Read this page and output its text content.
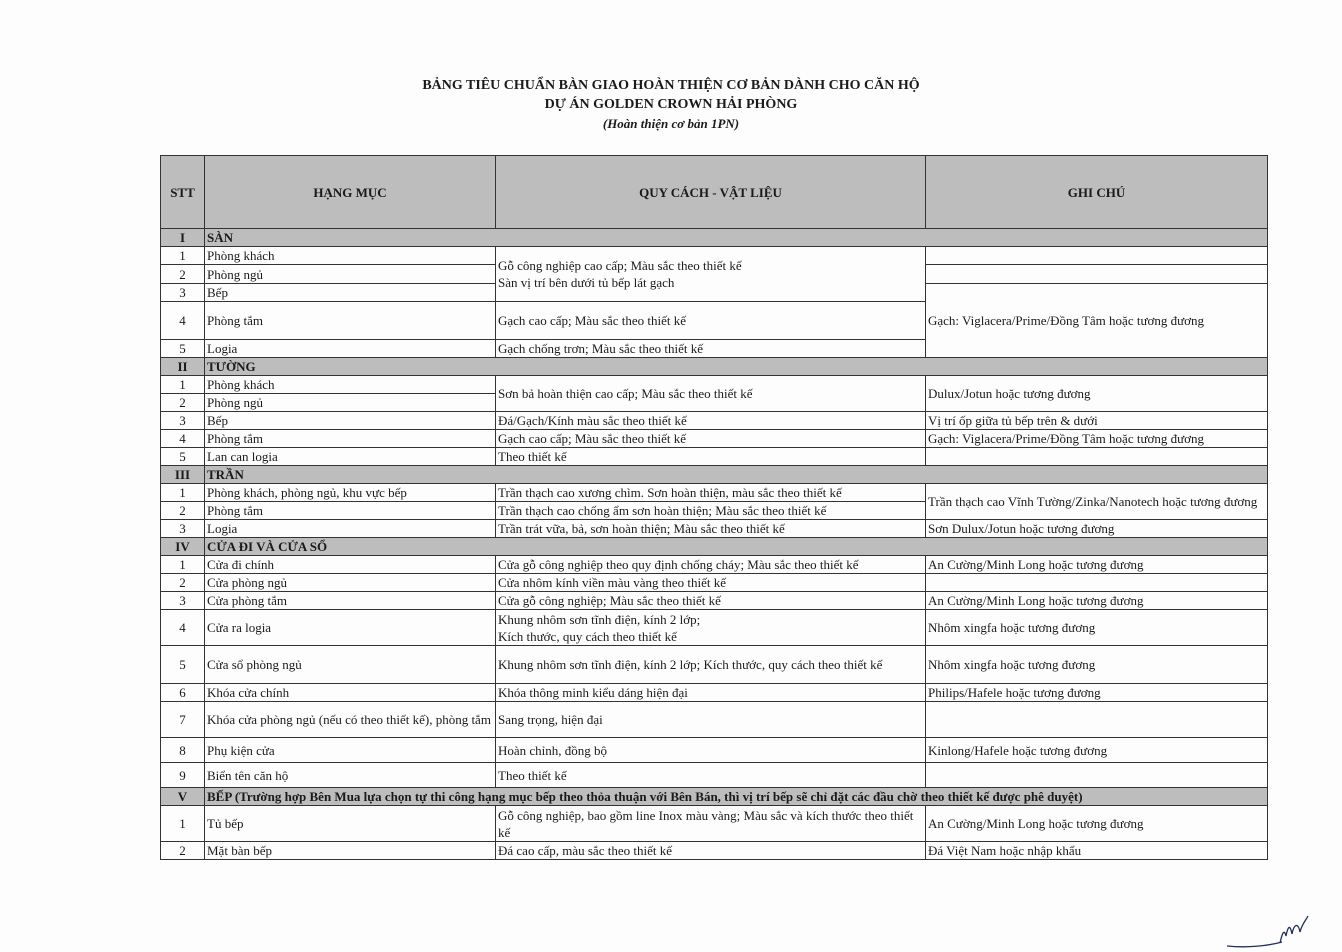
BẢNG TIÊU CHUẨN BÀN GIAO HOÀN THIỆN CƠ BẢN DÀNH CHO CĂN HỘ
DỰ ÁN GOLDEN CROWN HẢI PHÒNG
(Hoàn thiện cơ bản 1PN)
STT	HẠNG MỤC	QUY CÁCH - VẬT LIỆU	GHI CHÚ
I	SÀN		
1	Phòng khách	Gỗ công nghiệp cao cấp; Màu sắc theo thiết kế
Sàn vị trí bên dưới tủ bếp lát gạch	

2	Phòng ngủ		
3	Bếp		Gạch: Viglacera/Prime/Đồng Tâm hoặc tương đương
4	Phòng tắm	Gạch cao cấp; Màu sắc theo thiết kế	
5	Logia	Gạch chống trơn; Màu sắc theo thiết kế	
II	TƯỜNG		
1	Phòng khách	Sơn bả hoàn thiện cao cấp; Màu sắc theo thiết kế	Dulux/Jotun hoặc tương đương
2	Phòng ngủ		
3	Bếp	Đá/Gạch/Kính màu sắc theo thiết kế	Vị trí ốp giữa tủ bếp trên & dưới
4	Phòng tắm	Gạch cao cấp; Màu sắc theo thiết kế	Gạch: Viglacera/Prime/Đồng Tâm hoặc tương đương
5	Lan can logia	Theo thiết kế	
III	TRẦN		
1	Phòng khách, phòng ngủ, khu vực bếp	Trần thạch cao xương chìm. Sơn hoàn thiện, màu sắc theo thiết kế	Trần thạch cao Vĩnh Tường/Zinka/Nanotech hoặc tương đương
2	Phòng tắm	Trần thạch cao chống ẩm sơn hoàn thiện; Màu sắc theo thiết kế	
3	Logia	Trần trát vữa, bả, sơn hoàn thiện; Màu sắc theo thiết kế	Sơn Dulux/Jotun hoặc tương đương
IV	CỬA ĐI VÀ CỬA SỔ		
1	Cửa đi chính	Cửa gỗ công nghiệp theo quy định chống cháy; Màu sắc theo thiết kế	An Cường/Minh Long hoặc tương đương
2	Cửa phòng ngủ	Cửa nhôm kính viền màu vàng theo thiết kế	
3	Cửa phòng tắm	Cửa gỗ công nghiệp; Màu sắc theo thiết kế	An Cường/Minh Long hoặc tương đương
4	Cửa ra logia	Khung nhôm sơn tĩnh điện, kính 2 lớp;
Kích thước, quy cách theo thiết kế	Nhôm xingfa hoặc tương đương
5	Cửa sổ phòng ngủ	Khung nhôm sơn tĩnh điện, kính 2 lớp; Kích thước, quy cách theo thiết kế	Nhôm xingfa hoặc tương đương
6	Khóa cửa chính	Khóa thông minh kiểu dáng hiện đại	Philips/Hafele hoặc tương đương
7	Khóa cửa phòng ngủ (nếu có theo thiết kế), phòng tắm	Sang trọng, hiện đại	
8	Phụ kiện cửa	Hoàn chỉnh, đồng bộ	Kinlong/Hafele hoặc tương đương
9	Biển tên căn hộ	Theo thiết kế	
V	BẾP (Trường hợp Bên Mua lựa chọn tự thi công hạng mục bếp theo thỏa thuận với Bên Bán, thì vị trí bếp sẽ chỉ đặt các đầu chờ theo thiết kế được phê duyệt)		
1	Tủ bếp	Gỗ công nghiệp, bao gồm line Inox màu vàng; Màu sắc và kích thước theo thiết kế	An Cường/Minh Long hoặc tương đương
2	Mặt bàn bếp	Đá cao cấp, màu sắc theo thiết kế	Đá Việt Nam hoặc nhập khẩu
